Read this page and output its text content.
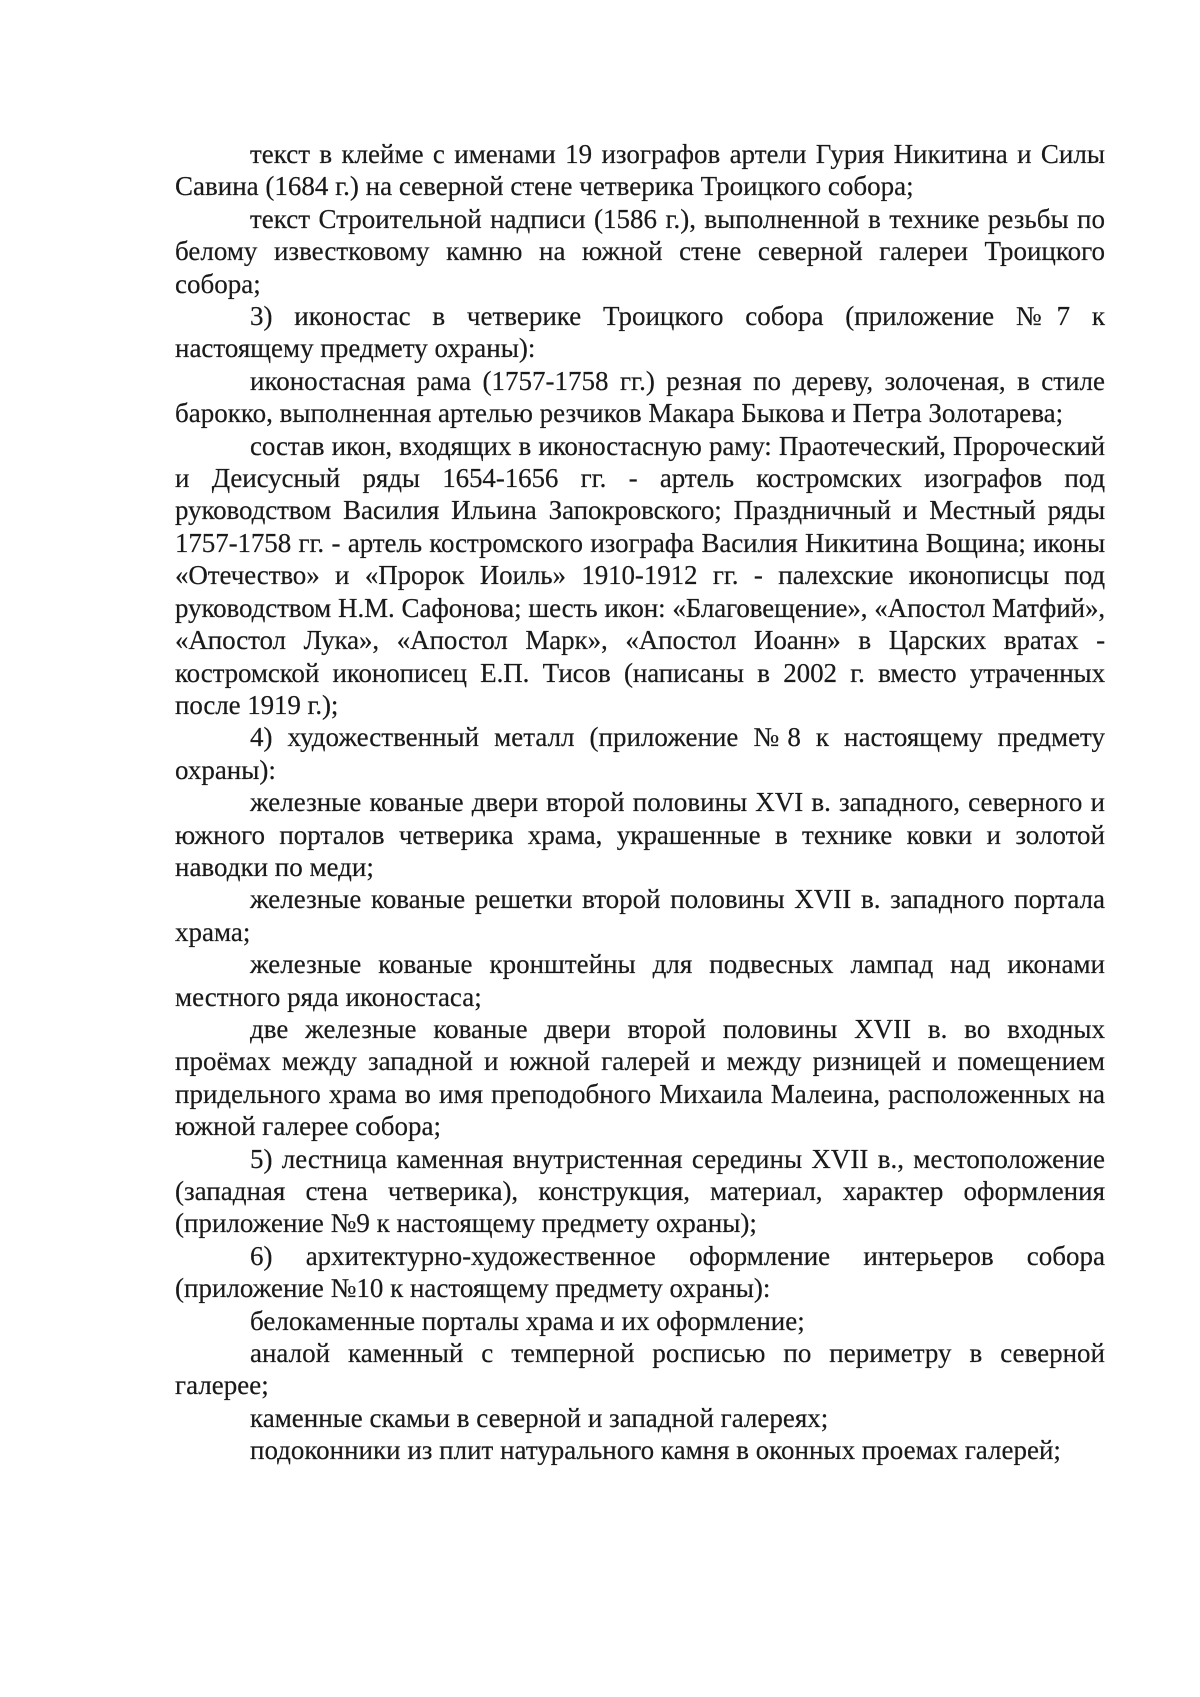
текст в клейме с именами 19 изографов артели Гурия Никитина и Силы Савина (1684 г.) на северной стене четверика Троицкого собора;

текст Строительной надписи (1586 г.), выполненной в технике резьбы по белому известковому камню на южной стене северной галереи Троицкого собора;

3) иконостас в четверике Троицкого собора (приложение №7 к настоящему предмету охраны):

иконостасная рама (1757-1758 гг.) резная по дереву, золоченая, в стиле барокко, выполненная артелью резчиков Макара Быкова и Петра Золотарева;

состав икон, входящих в иконостасную раму: Праотеческий, Пророческий и Деисусный ряды 1654-1656 гг. - артель костромских изографов под руководством Василия Ильина Запокровского; Праздничный и Местный ряды 1757-1758 гг. - артель костромского изографа Василия Никитина Вощина; иконы «Отечество» и «Пророк Иоиль» 1910-1912 гг. - палехские иконописцы под руководством Н.М. Сафонова; шесть икон: «Благовещение», «Апостол Матфий», «Апостол Лука», «Апостол Марк», «Апостол Иоанн» в Царских вратах - костромской иконописец Е.П. Тисов (написаны в 2002 г. вместо утраченных после 1919 г.);

4) художественный металл (приложение №8 к настоящему предмету охраны):

железные кованые двери второй половины XVI в. западного, северного и южного порталов четверика храма, украшенные в технике ковки и золотой наводки по меди;

железные кованые решетки второй половины XVII в. западного портала храма;

железные кованые кронштейны для подвесных лампад над иконами местного ряда иконостаса;

две железные кованые двери второй половины XVII в. во входных проёмах между западной и южной галерей и между ризницей и помещением придельного храма во имя преподобного Михаила Малеина, расположенных на южной галерее собора;

5) лестница каменная внутристенная середины XVII в., местоположение (западная стена четверика), конструкция, материал, характер оформления (приложение №9 к настоящему предмету охраны);

6) архитектурно-художественное оформление интерьеров собора (приложение №10 к настоящему предмету охраны):

белокаменные порталы храма и их оформление;

аналой каменный с темперной росписью по периметру в северной галерее;

каменные скамьи в северной и западной галереях;

подоконники из плит натурального камня в оконных проемах галерей;
